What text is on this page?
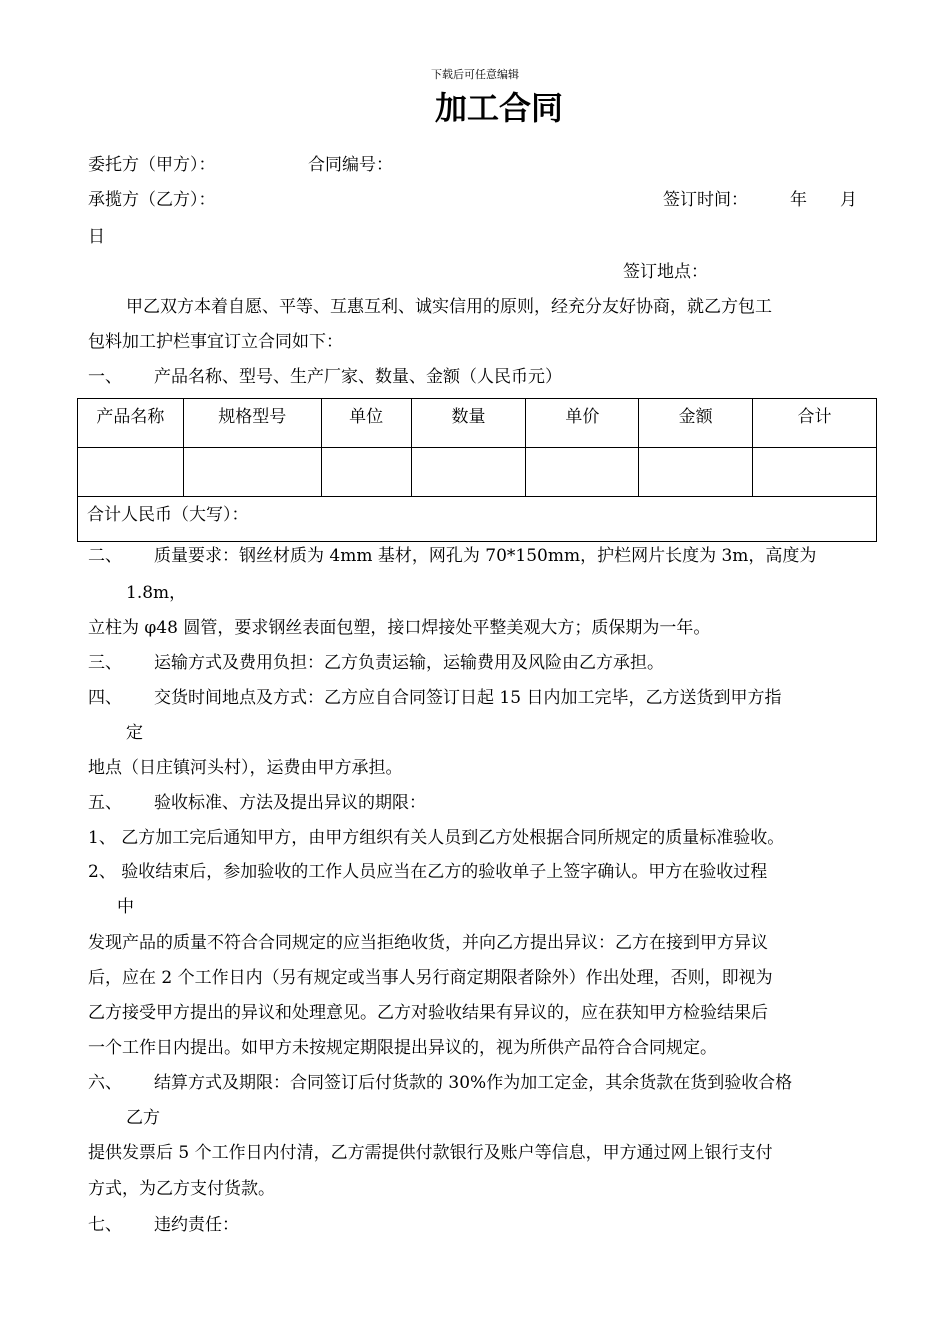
下载后可任意编辑
加工合同
委托方（甲方）：	合同编号：
承揽方（乙方）：	签订时间： 年 月
日
签订地点：
甲乙双方本着自愿、平等、互惠互利、诚实信用的原则，经充分友好协商，就乙方包工
包料加工护栏事宜订立合同如下：
一、 产品名称、型号、生产厂家、数量、金额（人民币元）
产品名称	规格型号	单位	数量	单价	金额	合计

合计人民币（大写）：						
二、 质量要求：钢丝材质为 4mm 基材，网孔为 70*150mm，护栏网片长度为 3m，高度为
1.8m，
立柱为 φ48 圆管，要求钢丝表面包塑，接口焊接处平整美观大方；质保期为一年。
三、 运输方式及费用负担：乙方负责运输，运输费用及风险由乙方承担。
四、 交货时间地点及方式：乙方应自合同签订日起 15 日内加工完毕，乙方送货到甲方指
定
地点（日庄镇河头村），运费由甲方承担。
五、 验收标准、方法及提出异议的期限：
1、 乙方加工完后通知甲方，由甲方组织有关人员到乙方处根据合同所规定的质量标准验收。
2、 验收结束后，参加验收的工作人员应当在乙方的验收单子上签字确认。甲方在验收过程
中
发现产品的质量不符合合同规定的应当拒绝收货，并向乙方提出异议：乙方在接到甲方异议
后，应在 2 个工作日内（另有规定或当事人另行商定期限者除外）作出处理，否则，即视为
乙方接受甲方提出的异议和处理意见。乙方对验收结果有异议的，应在获知甲方检验结果后
一个工作日内提出。如甲方未按规定期限提出异议的，视为所供产品符合合同规定。
六、 结算方式及期限：合同签订后付货款的 30%作为加工定金，其余货款在货到验收合格
乙方
提供发票后 5 个工作日内付清，乙方需提供付款银行及账户等信息，甲方通过网上银行支付
方式，为乙方支付货款。
七、 违约责任：
